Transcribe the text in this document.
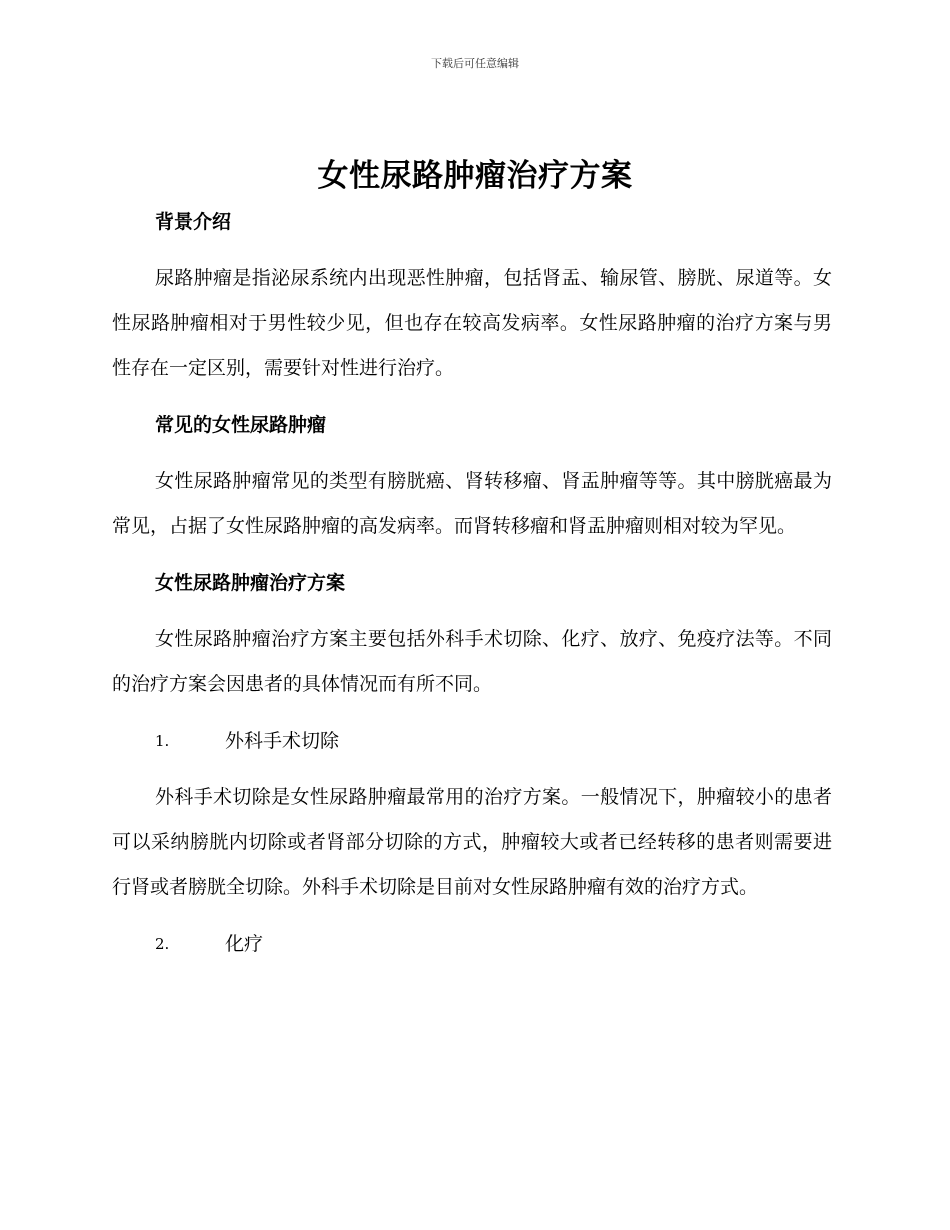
下载后可任意编辑
女性尿路肿瘤治疗方案

背景介绍

尿路肿瘤是指泌尿系统内出现恶性肿瘤，包括肾盂、输尿管、膀胱、尿道等。女性尿路肿瘤相对于男性较少见，但也存在较高发病率。女性尿路肿瘤的治疗方案与男性存在一定区别，需要针对性进行治疗。

常见的女性尿路肿瘤

女性尿路肿瘤常见的类型有膀胱癌、肾转移瘤、肾盂肿瘤等等。其中膀胱癌最为常见，占据了女性尿路肿瘤的高发病率。而肾转移瘤和肾盂肿瘤则相对较为罕见。

女性尿路肿瘤治疗方案

女性尿路肿瘤治疗方案主要包括外科手术切除、化疗、放疗、免疫疗法等。不同的治疗方案会因患者的具体情况而有所不同。

1.	外科手术切除

外科手术切除是女性尿路肿瘤最常用的治疗方案。一般情况下，肿瘤较小的患者可以采纳膀胱内切除或者肾部分切除的方式，肿瘤较大或者已经转移的患者则需要进行肾或者膀胱全切除。外科手术切除是目前对女性尿路肿瘤有效的治疗方式。

2.	化疗
